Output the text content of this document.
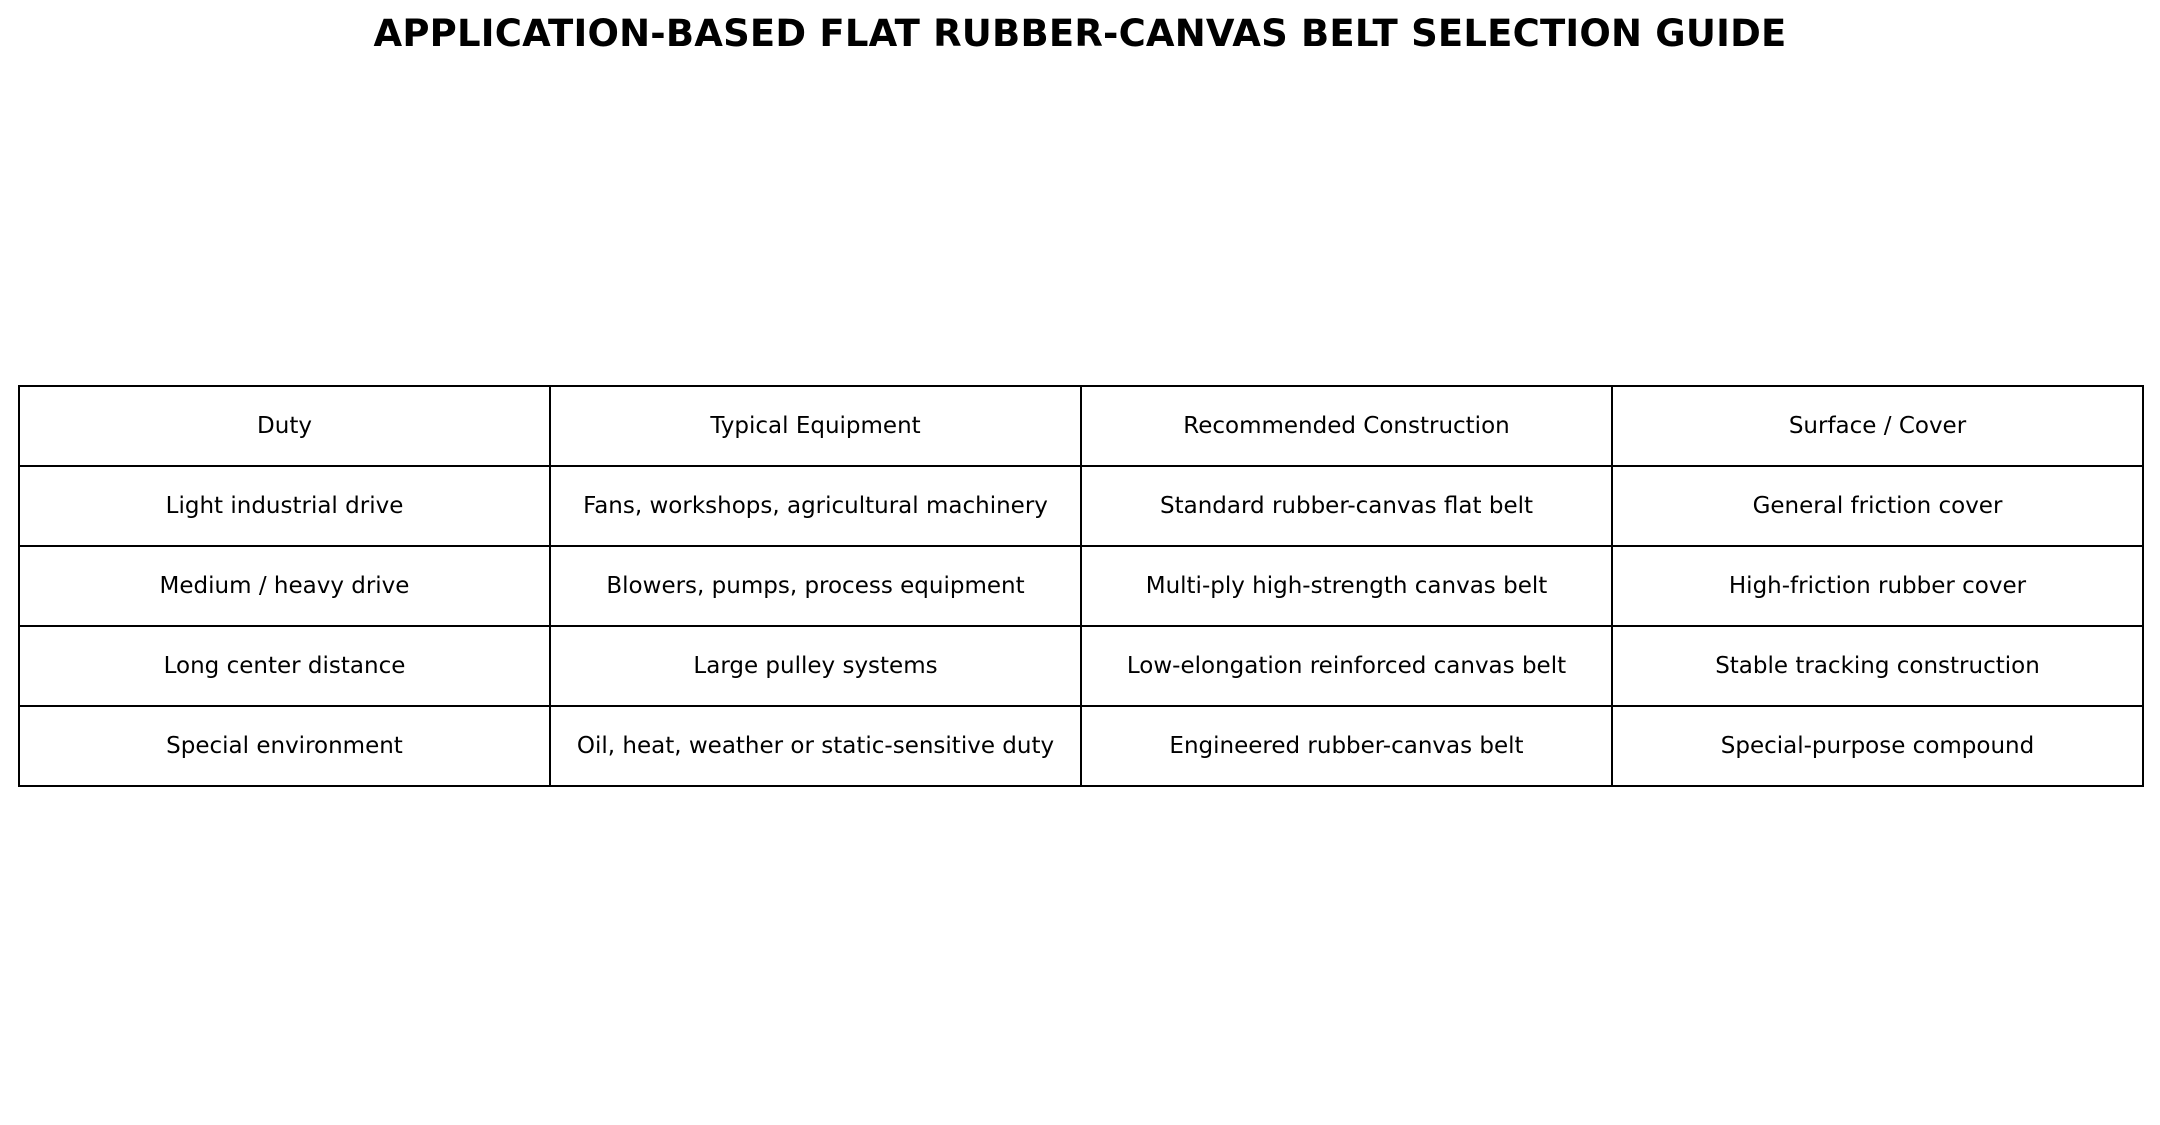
APPLICATION-BASED FLAT RUBBER-CANVAS BELT SELECTION GUIDE
Duty	Typical Equipment	Recommended Construction	Surface / Cover
Light industrial drive	Fans, workshops, agricultural machinery	Standard rubber-canvas flat belt	General friction cover
Medium / heavy drive	Blowers, pumps, process equipment	Multi-ply high-strength canvas belt	High-friction rubber cover
Long center distance	Large pulley systems	Low-elongation reinforced canvas belt	Stable tracking construction
Special environment	Oil, heat, weather or static-sensitive duty	Engineered rubber-canvas belt	Special-purpose compound
